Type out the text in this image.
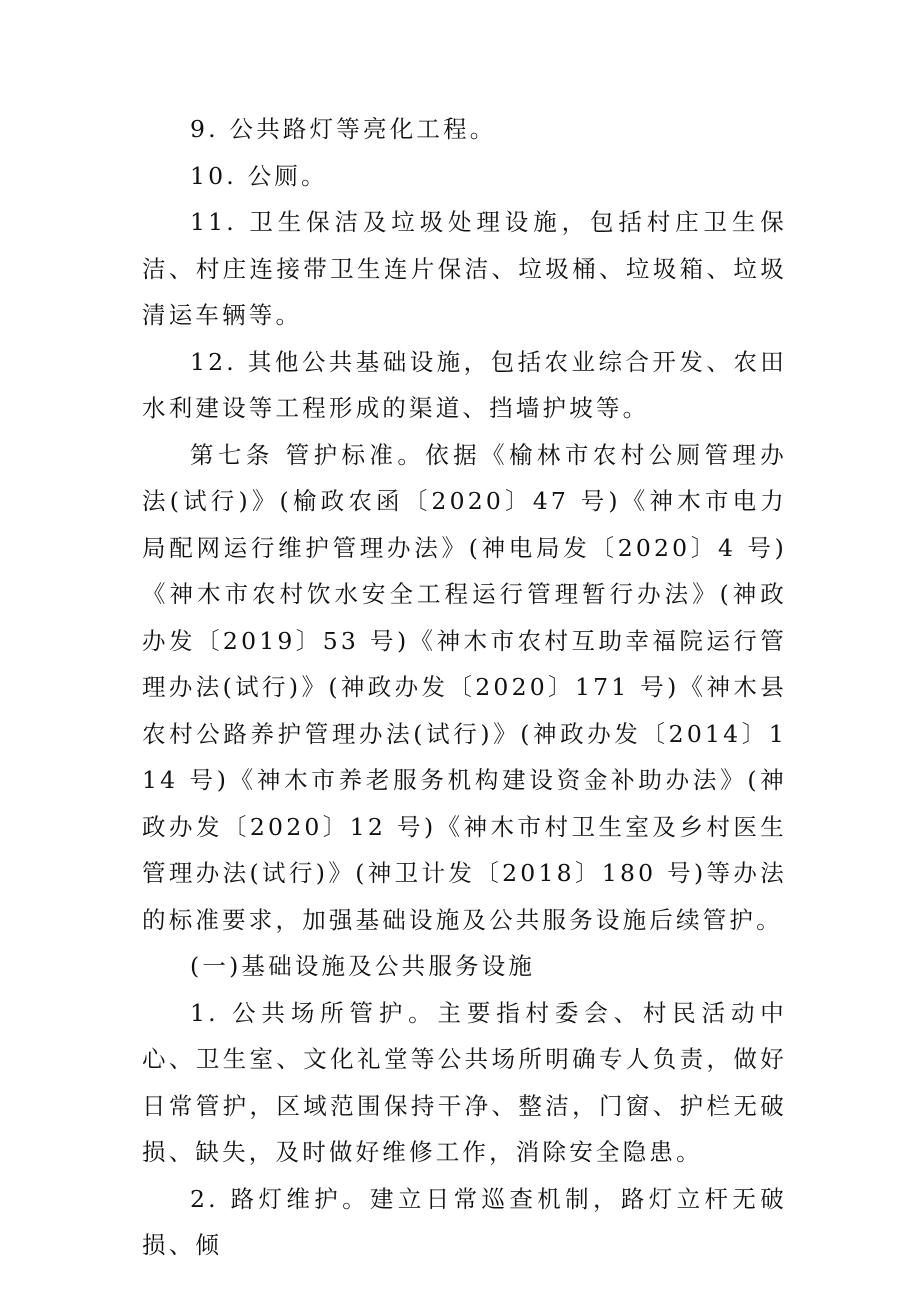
9. 公共路灯等亮化工程。

10. 公厕。

11. 卫生保洁及垃圾处理设施，包括村庄卫生保洁、村庄连接带卫生连片保洁、垃圾桶、垃圾箱、垃圾清运车辆等。

12. 其他公共基础设施，包括农业综合开发、农田水利建设等工程形成的渠道、挡墙护坡等。

第七条 管护标准。依据《榆林市农村公厕管理办法(试行)》(榆政农函〔2020〕47 号)《神木市电力局配网运行维护管理办法》(神电局发〔2020〕4 号)《神木市农村饮水安全工程运行管理暂行办法》(神政办发〔2019〕53 号)《神木市农村互助幸福院运行管理办法(试行)》(神政办发〔2020〕171 号)《神木县农村公路养护管理办法(试行)》(神政办发〔2014〕114 号)《神木市养老服务机构建设资金补助办法》(神政办发〔2020〕12 号)《神木市村卫生室及乡村医生管理办法(试行)》(神卫计发〔2018〕180 号)等办法的标准要求，加强基础设施及公共服务设施后续管护。

(一)基础设施及公共服务设施

1. 公共场所管护。主要指村委会、村民活动中心、卫生室、文化礼堂等公共场所明确专人负责，做好日常管护，区域范围保持干净、整洁，门窗、护栏无破损、缺失，及时做好维修工作，消除安全隐患。

2. 路灯维护。建立日常巡查机制，路灯立杆无破损、倾
